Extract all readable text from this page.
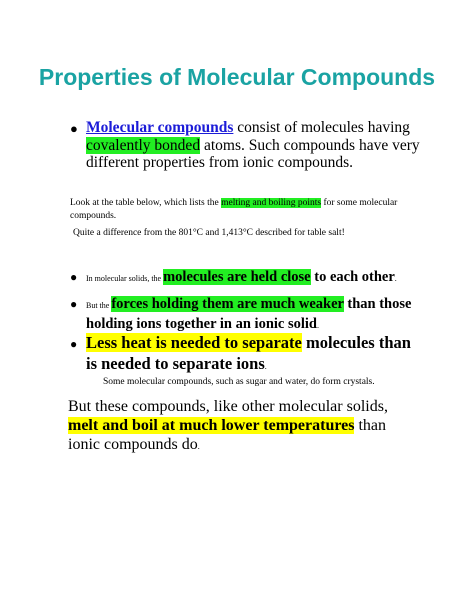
Properties of Molecular Compounds
● Molecular compounds consist of molecules having covalently bonded atoms. Such compounds have very different properties from ionic compounds.
Look at the table below, which lists the melting and boiling points for some molecular compounds.
Quite a difference from the 801°C and 1,413°C described for table salt!
● In molecular solids, the molecules are held close to each other.
● But the forces holding them are much weaker than those holding ions together in an ionic solid.
● Less heat is needed to separate molecules than is needed to separate ions.
Some molecular compounds, such as sugar and water, do form crystals.
But these compounds, like other molecular solids, melt and boil at much lower temperatures than ionic compounds do.
